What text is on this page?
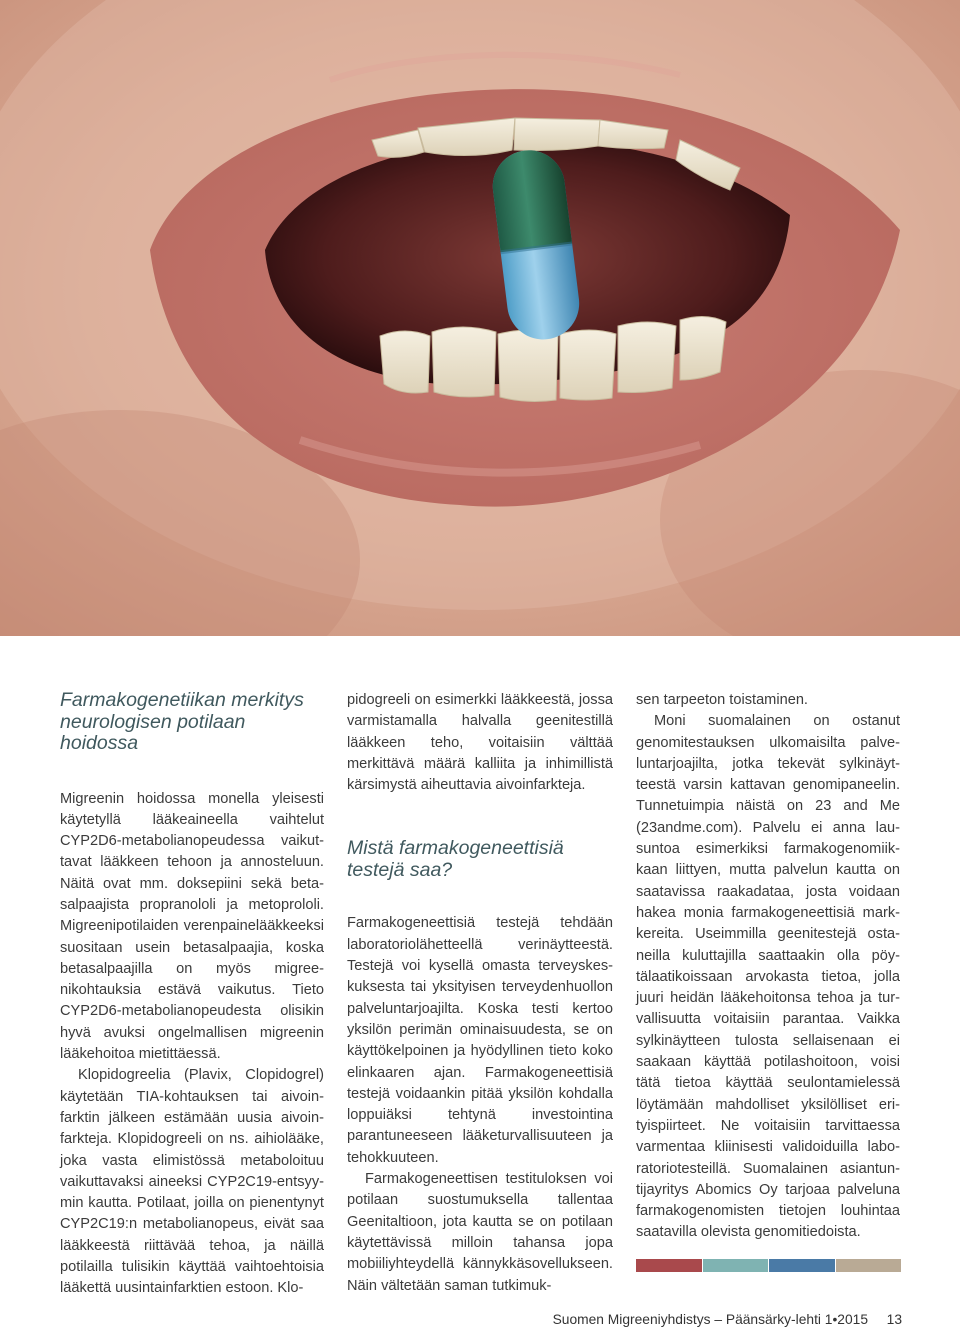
Farmakogenetiikan merkitys neurologisen potilaan hoidossa

Migreenin hoidossa monella yleisesti käytetyllä lääkeaineella vaihtelut CYP2D6-metabolianopeudessa vaikuttavat lääkkeen tehoon ja annosteluun. Näitä ovat mm. doksepiini sekä betasalpaajista propranololi ja metoprololi. Migreenipotilaiden verenpainelääkkeeksi suositaan usein betasalpaajia, koska betasalpaajilla on myös migreenikohtauksia estävä vaikutus. Tieto CYP2D6-metabolianopeudesta olisikin hyvä avuksi ongelmallisen migreenin lääkehoitoa mietittäessä.

Klopidogreelia (Plavix, Clopidogrel) käytetään TIA-kohtauksen tai aivoinfarktin jälkeen estämään uusia aivoinfarkteja. Klopidogreeli on ns. aihiolääke, joka vasta elimistössä metaboloituu vaikuttavaksi aineeksi CYP2C19-entsyymin kautta. Potilaat, joilla on pienentynyt CYP2C19:n metabolianopeus, eivät saa lääkkeestä riittävää tehoa, ja näillä potilailla tulisikin käyttää vaihtoehtoisia lääkettä uusintainfarktien estoon. Klo-

pidogreeli on esimerkki lääkkeestä, jossa varmistamalla halvalla geenitestillä lääkkeen teho, voitaisiin välttää merkittävä määrä kalliita ja inhimillistä kärsimystä aiheuttavia aivoinfarkteja.

Mistä farmakogeneettisiä testejä saa?

Farmakogeneettisiä testejä tehdään laboratoriolähetteellä verinäytteestä. Testejä voi kysellä omasta terveyskeskuksesta tai yksityisen terveydenhuollon palveluntarjoajilta. Koska testi kertoo yksilön perimän ominaisuudesta, se on käyttökelpoinen ja hyödyllinen tieto koko elinkaaren ajan. Farmakogeneettisiä testejä voidaankin pitää yksilön kohdalla loppuiäksi tehtynä investointina parantuneeseen lääketurvallisuuteen ja tehokkuuteen.

Farmakogeneettisen testitulоksen voi potilaan suostumuksella tallentaa Geenitaltioon, jota kautta se on potilaan käytettävissä milloin tahansa jopa mobiiliyhteydellä kännykkäsovellukseen. Näin vältetään saman tutkimuk-

sen tarpeeton toistaminen.

Moni suomalainen on ostanut genomitestauksen ulkomaisilta palveluntarjoajilta, jotka tekevät sylkinäytteestä varsin kattavan genomipaneelin. Tunnetuimpia näistä on 23 and Me (23andme.com). Palvelu ei anna lausuntoa esimerkiksi farmakogenomiikkaan liittyen, mutta palvelun kautta on saatavissa raakadataa, josta voidaan hakea monia farmakogeneettisiä markkereita. Useimmilla geenitestejä ostaneilla kuluttajilla saattaakin olla pöytälaatikoissaan arvokasta tietoa, jolla juuri heidän lääkehoitonsa tehoa ja turvallisuutta voitaisiin parantaa. Vaikka sylkinäytteen tulosta sellaisenaan ei saakaan käyttää potilashoitoon, voisi tätä tietoa käyttää seulontamielessä löytämään mahdolliset yksilölliset erityispiirteet. Ne voitaisiin tarvittaessa varmentaa kliinisesti validoiduilla laboratoriotesteillä. Suomalainen asiantuntijayritys Abomics Oy tarjoaa palveluna farmakogenomisten tietojen louhintaa saatavilla olevista genomitiedoista.

Suomen Migreeniyhdistys – Päänsärky-lehti 1•2015 13
